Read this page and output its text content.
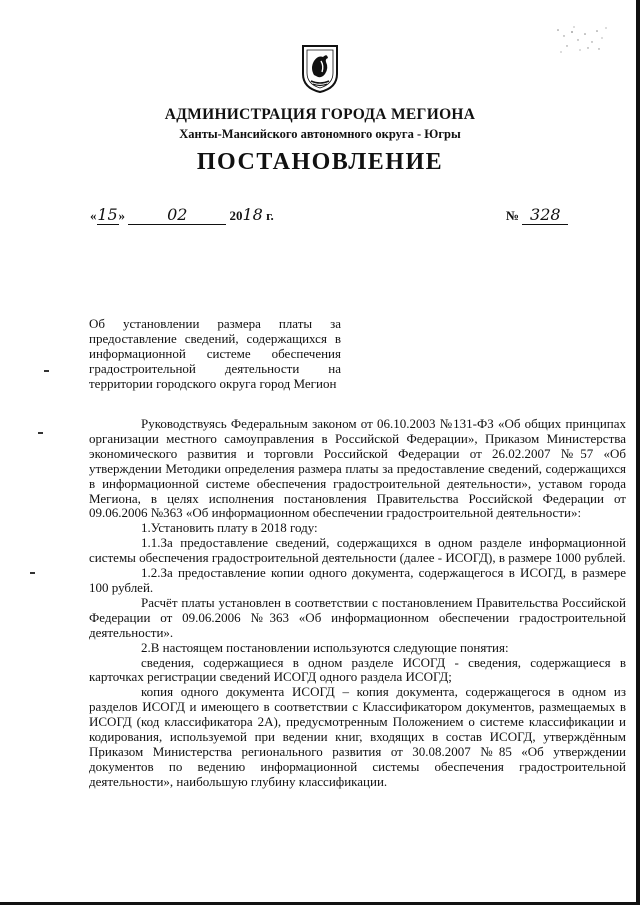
АДМИНИСТРАЦИЯ ГОРОДА МЕГИОНА
Ханты-Мансийского автономного округа - Югры
ПОСТАНОВЛЕНИЕ
«15»	02	2018 г.	№ 328
Об установлении размера платы за предоставление сведений, содержащихся в информационной системе обеспечения градостроительной деятельности на территории городского округа город Мегион

Руководствуясь Федеральным законом от 06.10.2003 №131-ФЗ «Об общих принципах организации местного самоуправления в Российской Федерации», Приказом Министерства экономического развития и торговли Российской Федерации от 26.02.2007 №57 «Об утверждении Методики определения размера платы за предоставление сведений, содержащихся в информационной системе обеспечения градостроительной деятельности», уставом города Мегиона, в целях исполнения постановления Правительства Российской Федерации от 09.06.2006 №363 «Об информационном обеспечении градостроительной деятельности»:

1.Установить плату в 2018 году:

1.1.За предоставление сведений, содержащихся в одном разделе информационной системы обеспечения градостроительной деятельности (далее - ИСОГД), в размере 1000 рублей.

1.2.За предоставление копии одного документа, содержащегося в ИСОГД, в размере 100 рублей.

Расчёт платы установлен в соответствии с постановлением Правительства Российской Федерации от 09.06.2006 №363 «Об информационном обеспечении градостроительной деятельности».

2.В настоящем постановлении используются следующие понятия:

сведения, содержащиеся в одном разделе ИСОГД - сведения, содержащиеся в карточках регистрации сведений ИСОГД одного раздела ИСОГД;

копия одного документа ИСОГД – копия документа, содержащегося в одном из разделов ИСОГД и имеющего в соответствии с Классификатором документов, размещаемых в ИСОГД (код классификатора 2А), предусмотренным Положением о системе классификации и кодирования, используемой при ведении книг, входящих в состав ИСОГД, утверждённым Приказом Министерства регионального развития от 30.08.2007 №85 «Об утверждении документов по ведению информационной системы обеспечения градостроительной деятельности», наибольшую глубину классификации.
